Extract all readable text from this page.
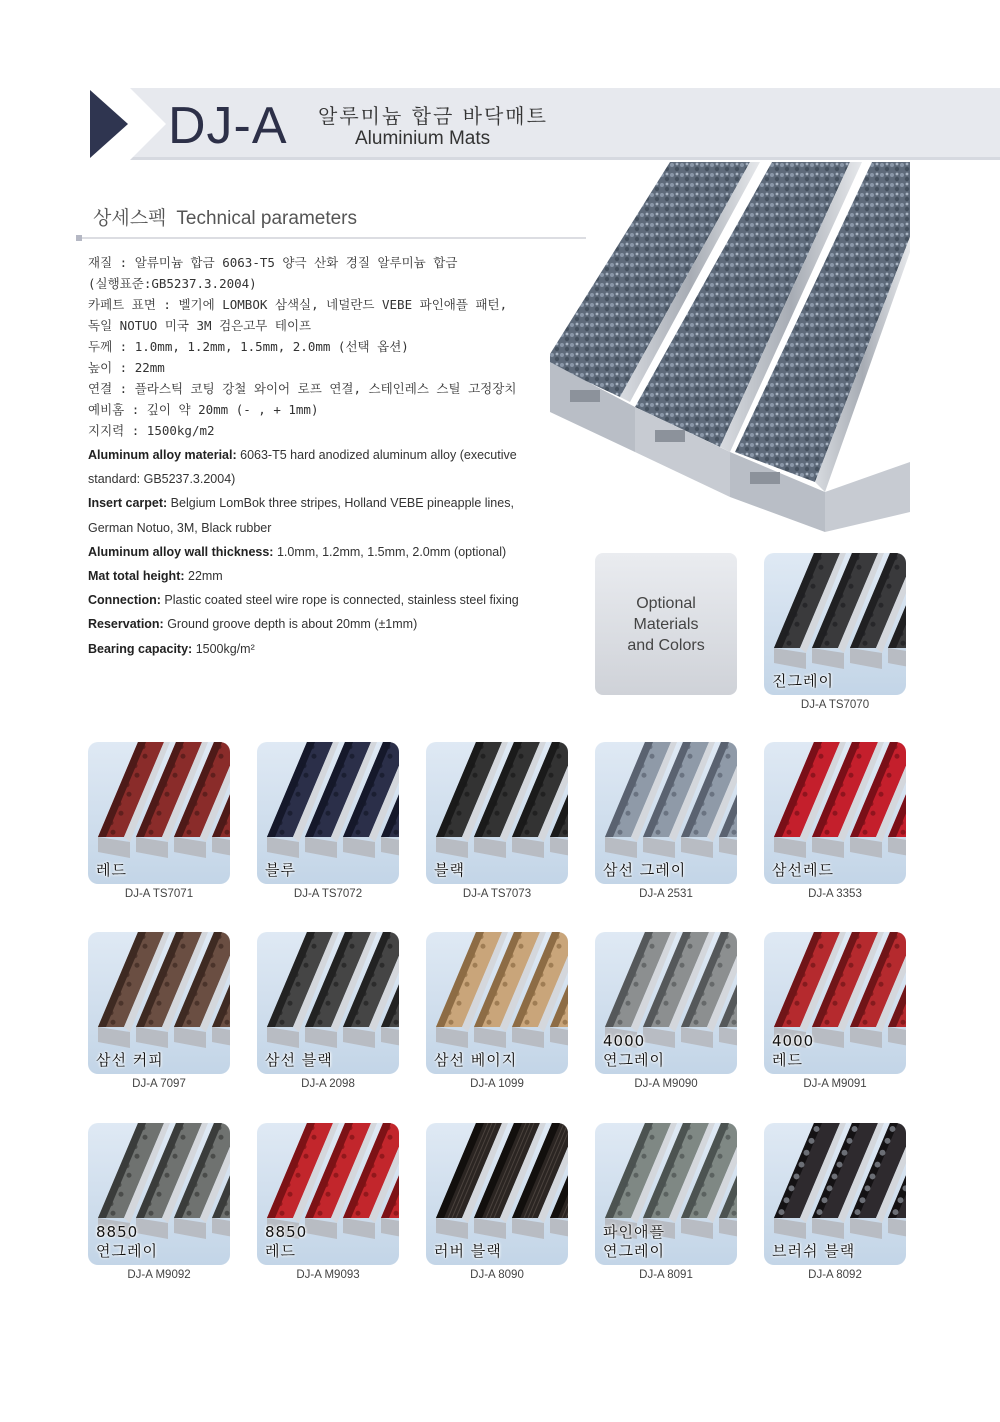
DJ-A 알루미늄 합금 바닥매트
Aluminium Mats
상세스펙 Technical parameters
재질 : 알류미늄 합금 6063-T5 양극 산화 경질 알루미늄 합금
(실행표준:GB5237.3.2004)
카페트 표면 : 벨기에 LOMBOK 삼색실, 네덜란드 VEBE 파인애플 패턴,
독일 NOTUO 미국 3M 검은고무 테이프
두께 : 1.0mm, 1.2mm, 1.5mm, 2.0mm (선택 옵션)
높이 : 22mm
연결 : 플라스틱 코팅 강철 와이어 로프 연결, 스테인레스 스틸 고정장치
예비홈 : 깊이 약 20mm (- , + 1mm)
지지력 : 1500kg/m2
Aluminum alloy material: 6063-T5 hard anodized aluminum alloy (executive
standard: GB5237.3.2004)
Insert carpet: Belgium LomBok three stripes, Holland VEBE pineapple lines,
German Notuo, 3M, Black rubber
Aluminum alloy wall thickness: 1.0mm, 1.2mm, 1.5mm, 2.0mm (optional)
Mat total height: 22mm
Connection: Plastic coated steel wire rope is connected, stainless steel fixing
Reservation: Ground groove depth is about 20mm (±1mm)
Bearing capacity: 1500kg/m²
Optional
Materials
and Colors
진그레이
DJ-A TS7070
레드
DJ-A TS7071
블루
DJ-A TS7072
블랙
DJ-A TS7073
삼선 그레이
DJ-A 2531
삼선레드
DJ-A 3353
삼선 커피
DJ-A 7097
삼선 블랙
DJ-A 2098
삼선 베이지
DJ-A 1099
4000
연그레이
DJ-A M9090
4000
레드
DJ-A M9091
8850
연그레이
DJ-A M9092
8850
레드
DJ-A M9093
러버 블랙
DJ-A 8090
파인애플
연그레이
DJ-A 8091
브러쉬 블랙
DJ-A 8092
